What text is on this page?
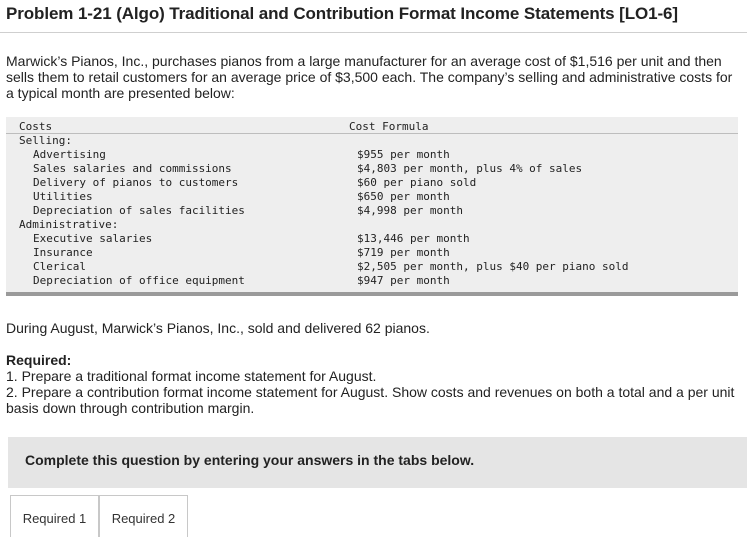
Problem 1-21 (Algo) Traditional and Contribution Format Income Statements [LO1-6]
Marwick’s Pianos, Inc., purchases pianos from a large manufacturer for an average cost of $1,516 per unit and then sells them to retail customers for an average price of $3,500 each. The company’s selling and administrative costs for a typical month are presented below:
Costs	Cost Formula
Selling:
Advertising	$955 per month
Sales salaries and commissions	$4,803 per month, plus 4% of sales
Delivery of pianos to customers	$60 per piano sold
Utilities	$650 per month
Depreciation of sales facilities	$4,998 per month
Administrative:
Executive salaries	$13,446 per month
Insurance	$719 per month
Clerical	$2,505 per month, plus $40 per piano sold
Depreciation of office equipment	$947 per month
During August, Marwick’s Pianos, Inc., sold and delivered 62 pianos.
Required:
1. Prepare a traditional format income statement for August.
2. Prepare a contribution format income statement for August. Show costs and revenues on both a total and a per unit basis down through contribution margin.
Complete this question by entering your answers in the tabs below.
Required 1	Required 2
